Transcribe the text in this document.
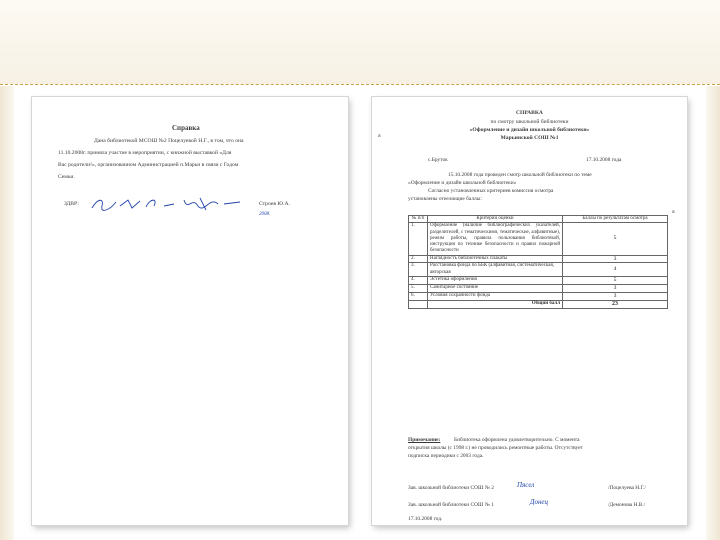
Справка
Дана библиотекой МСОШ №2 Поцелуевой Н.Г., в том, что она
11.10.2008г. приняла участие в мероприятии, с книжной выставкой «Для
Вас родители!», организованном Администрацией п.Марьи в связи с Годом
Семьи.
ЗДВР:	Строев Ю.А.
2008.
СПРАВКА
по смотру школьной библиотеки
«Оформление и дизайн школьной библиотеки»
Марьинской СОШ №1
с.Бруток	17.10.2008 года
15.10.2008 года проведен смотр школьной библиотеки по теме
«Оформление и дизайн школьной библиотеки»
Согласно установленных критериев комиссия осмотра
установлены отеелющие баллы:
a
a
№ п/п	Критерии оценки	Баллы по результатам осмотра
1.	Оформление (наличие библиографических указателей, разделителей, с тематическими, тематические, алфавитные), режим работы, правила пользования библиотекой, инструкции по технике безопасности и правил пожарной безопасности	5
2.	Наглядность библиотечных плакаты	3
3.	Расстановка фонда по ББК (алфавитная, систематическая, авторская	4
4.	Эстетика оформления	5
5.	Санитарное состояние	3
6.	Условия сохранности фонда	3
	Общий балл	23
Примечание:	Библиотека оформлена удовлетворительно. С момента
открытия школы (с 1998 г.) не проводились ремонтные работы. Отсутствует
подписка периодики с 2003 года.
Зав. школьной библиотеки СОШ № 2	Пясел	/Поцелуева Н.Г./
Зав. школьной библиотеки СОШ № 1	Донец	/Демонова Н.В./
17.10.2008 год.
